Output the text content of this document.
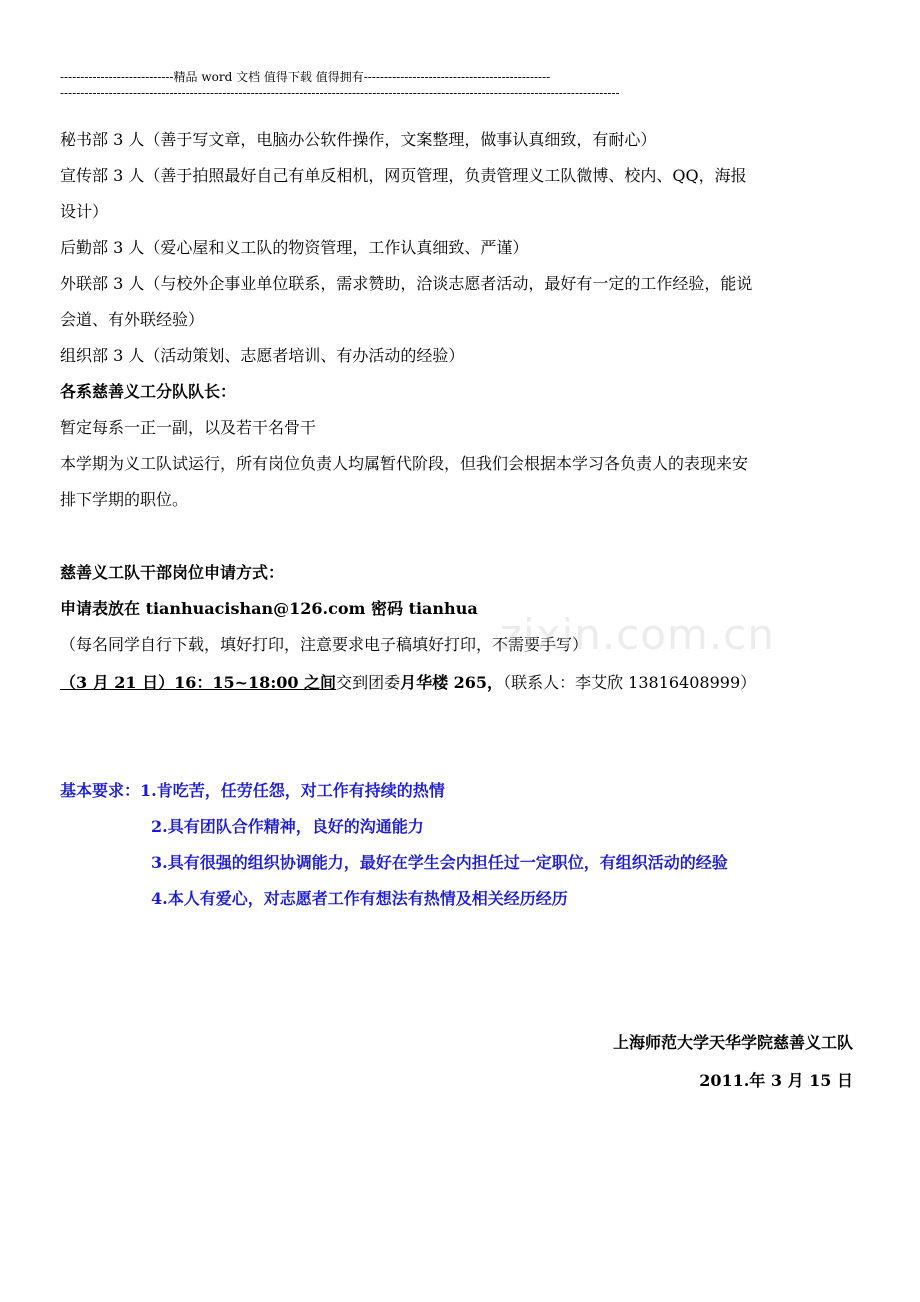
----------------------------精品 word 文档 值得下载 值得拥有----------------------------------------------
------------------------------------------------------------------------------------------------------------------------------------------
秘书部 3 人（善于写文章，电脑办公软件操作，文案整理，做事认真细致，有耐心）
宣传部 3 人（善于拍照最好自己有单反相机，网页管理，负责管理义工队微博、校内、QQ，海报
设计）
后勤部 3 人（爱心屋和义工队的物资管理，工作认真细致、严谨）
外联部 3 人（与校外企事业单位联系，需求赞助，洽谈志愿者活动，最好有一定的工作经验，能说
会道、有外联经验）
组织部 3 人（活动策划、志愿者培训、有办活动的经验）
各系慈善义工分队队长：
暂定每系一正一副，以及若干名骨干
本学期为义工队试运行，所有岗位负责人均属暂代阶段，但我们会根据本学习各负责人的表现来安
排下学期的职位。
慈善义工队干部岗位申请方式：
申请表放在 tianhuacishan@126.com 密码 tianhua
（每名同学自行下载，填好打印，注意要求电子稿填好打印，不需要手写）
（3 月 21 日）16：15~18:00 之间交到团委月华楼 265，（联系人：李艾欣 13816408999）
基本要求：1.肯吃苦，任劳任怨，对工作有持续的热情
2.具有团队合作精神，良好的沟通能力
3.具有很强的组织协调能力，最好在学生会内担任过一定职位，有组织活动的经验
4.本人有爱心，对志愿者工作有想法有热情及相关经历经历
上海师范大学天华学院慈善义工队
2011.年 3 月 15 日
zixin.com.cn
